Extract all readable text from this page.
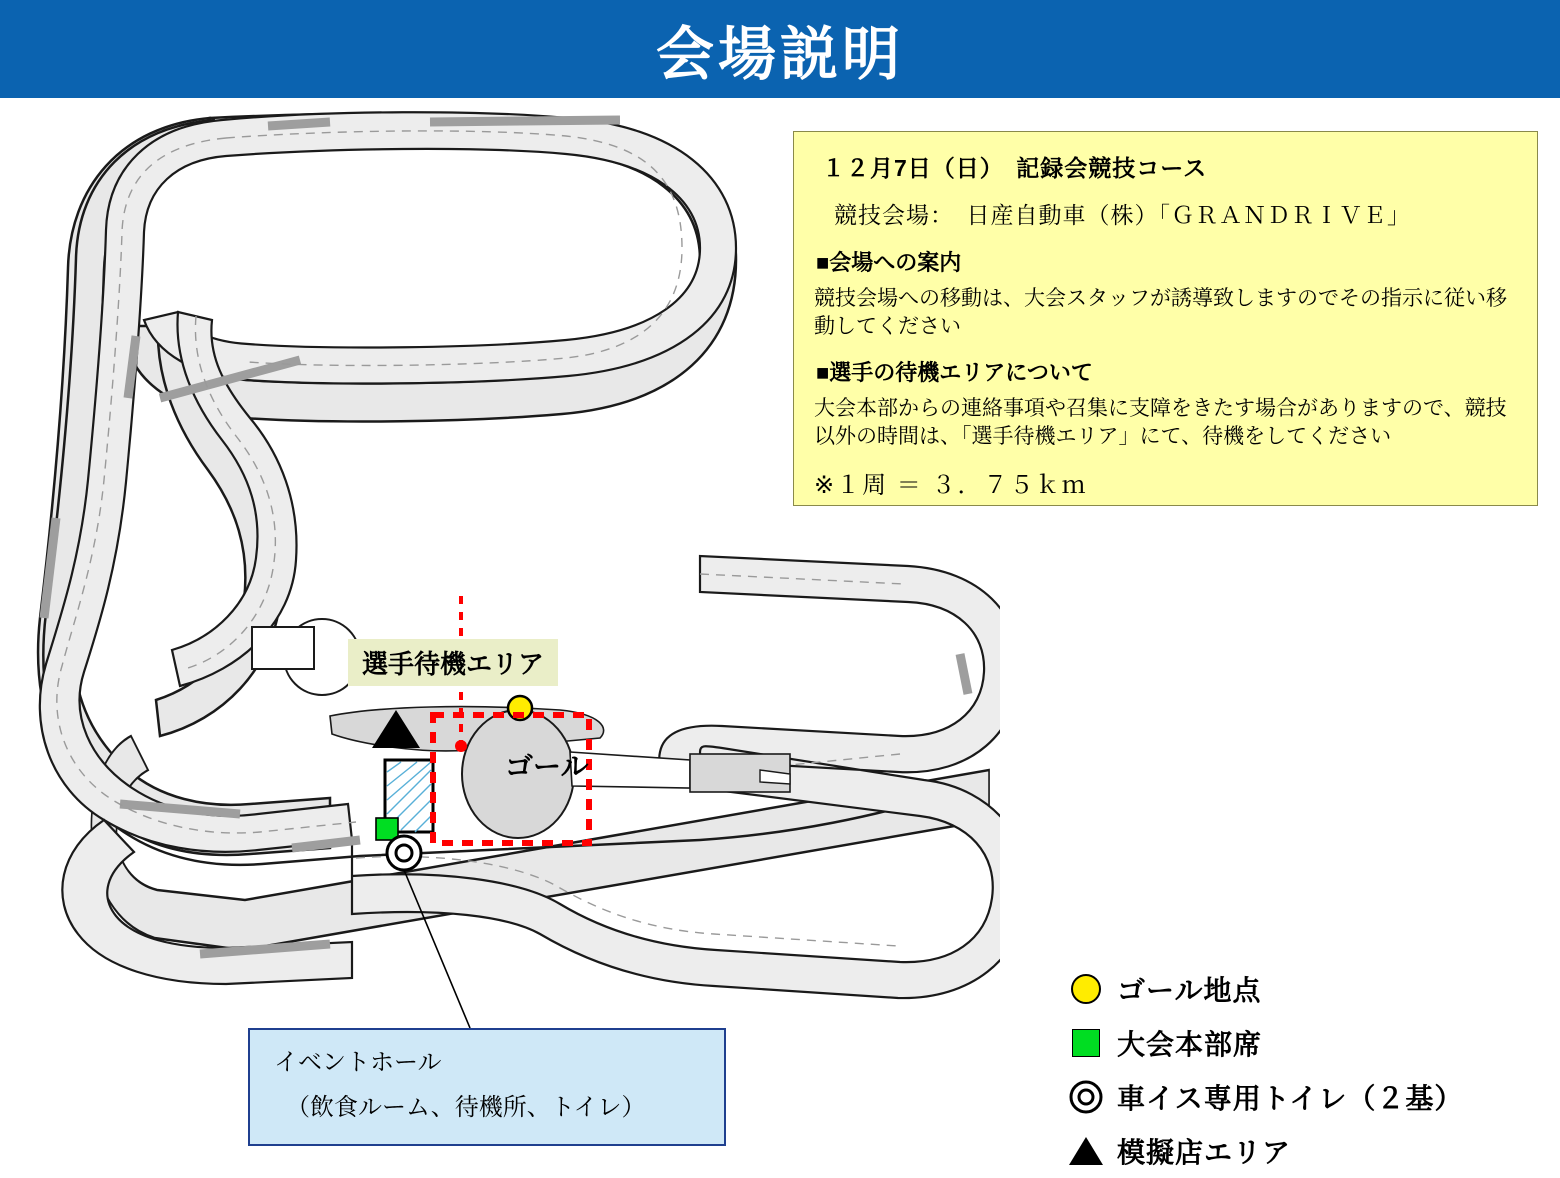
会場説明
選手待機エリア
ゴール
イベントホール
（飲食ルーム、待機所、トイレ）
１２月7日（日）　記録会競技コース
競技会場：　日産自動車（株）「ＧＲＡＮＤＲＩＶＥ」
■会場への案内
競技会場への移動は、大会スタッフが誘導致しますのでその指示に従い移動してください
■選手の待機エリアについて
大会本部からの連絡事項や召集に支障をきたす場合がありますので、競技以外の時間は、「選手待機エリア」にて、待機をしてください
※１周 ＝ ３．７５ｋｍ
ゴール地点
大会本部席
車イス専用トイレ（２基）
模擬店エリア
